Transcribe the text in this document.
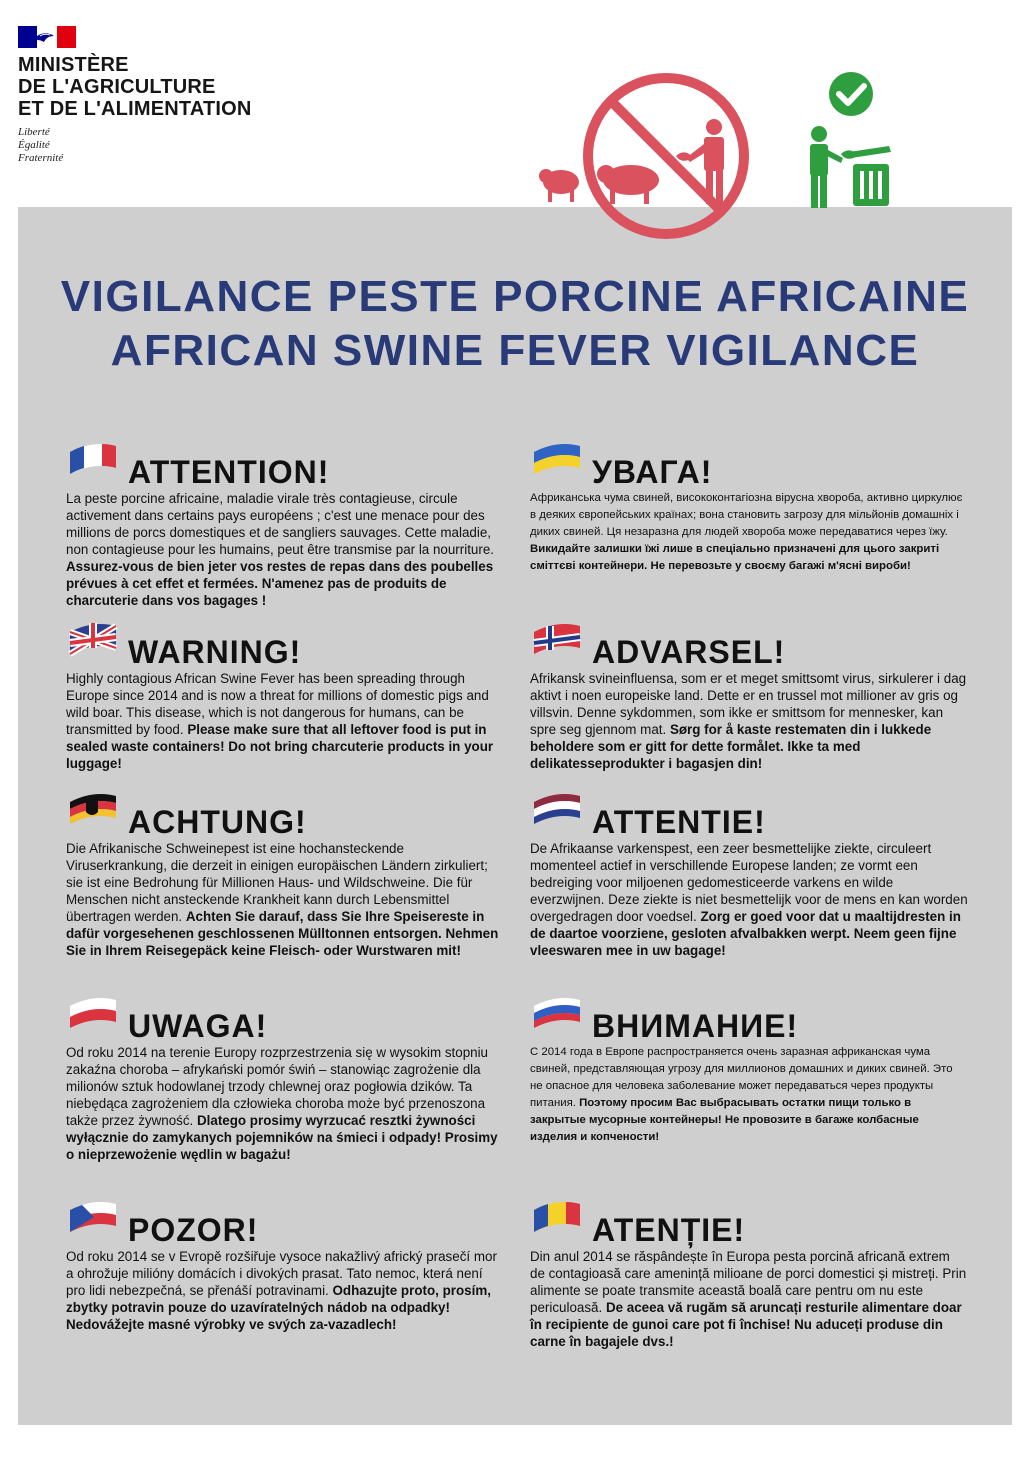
MINISTÈRE
DE L'AGRICULTURE
ET DE L'ALIMENTATION
Liberté
Égalité
Fraternité
VIGILANCE PESTE PORCINE AFRICAINE
AFRICAN SWINE FEVER VIGILANCE
ATTENTION!

La peste porcine africaine, maladie virale très contagieuse, circule activement dans certains pays européens ; c'est une menace pour des millions de porcs domestiques et de sangliers sauvages. Cette maladie, non contagieuse pour les humains, peut être transmise par la nourriture. Assurez-vous de bien jeter vos restes de repas dans des poubelles prévues à cet effet et fermées. N'amenez pas de produits de charcuterie dans vos bagages !

УВАГА!

Африканська чума свиней, висококонтагіозна вірусна хвороба, активно циркулює в деяких європейських країнах; вона становить загрозу для мільйонів домашніх і диких свиней. Ця незаразна для людей хвороба може передаватися через їжу. Викидайте залишки їжі лише в спеціально призначені для цього закриті сміттєві контейнери. Не перевозьте у своєму багажі м'ясні вироби!

WARNING!

Highly contagious African Swine Fever has been spreading through Europe since 2014 and is now a threat for millions of domestic pigs and wild boar. This disease, which is not dangerous for humans, can be transmitted by food. Please make sure that all leftover food is put in sealed waste containers! Do not bring charcuterie products in your luggage!

ADVARSEL!

Afrikansk svineinfluensa, som er et meget smittsomt virus, sirkulerer i dag aktivt i noen europeiske land. Dette er en trussel mot millioner av gris og villsvin. Denne sykdommen, som ikke er smittsom for mennesker, kan spre seg gjennom mat. Sørg for å kaste restematen din i lukkede beholdere som er gitt for dette formålet. Ikke ta med delikatesseprodukter i bagasjen din!

ACHTUNG!

Die Afrikanische Schweinepest ist eine hochansteckende Viruserkrankung, die derzeit in einigen europäischen Ländern zirkuliert; sie ist eine Bedrohung für Millionen Haus- und Wildschweine. Die für Menschen nicht ansteckende Krankheit kann durch Lebensmittel übertragen werden. Achten Sie darauf, dass Sie Ihre Speisereste in dafür vorgesehenen geschlossenen Mülltonnen entsorgen. Nehmen Sie in Ihrem Reisegepäck keine Fleisch- oder Wurstwaren mit!

ATTENTIE!

De Afrikaanse varkenspest, een zeer besmettelijke ziekte, circuleert momenteel actief in verschillende Europese landen; ze vormt een bedreiging voor miljoenen gedomesticeerde varkens en wilde everzwijnen. Deze ziekte is niet besmettelijk voor de mens en kan worden overgedragen door voedsel. Zorg er goed voor dat u maaltijdresten in de daartoe voorziene, gesloten afvalbakken werpt. Neem geen fijne vleeswaren mee in uw bagage!

UWAGA!

Od roku 2014 na terenie Europy rozprzestrzenia się w wysokim stopniu zakaźna choroba – afrykański pomór świń – stanowiąc zagrożenie dla milionów sztuk hodowlanej trzody chlewnej oraz pogłowia dzików. Ta niebędąca zagrożeniem dla człowieka choroba może być przenoszona także przez żywność. Dlatego prosimy wyrzucać resztki żywności wyłącznie do zamykanych pojemników na śmieci i odpady! Prosimy o nieprzewożenie wędlin w bagażu!

ВНИМАНИЕ!

С 2014 года в Европе распространяется очень заразная африканская чума свиней, представляющая угрозу для миллионов домашних и диких свиней. Это не опасное для человека заболевание может передаваться через продукты питания. Поэтому просим Вас выбрасывать остатки пищи только в закрытые мусорные контейнеры! Не провозите в багаже колбасные изделия и копчености!

POZOR!

Od roku 2014 se v Evropě rozšiřuje vysoce nakažlivý africký prasečí mor a ohrožuje milióny domácích i divokých prasat. Tato nemoc, která není pro lidi nebezpečná, se přenáší potravinami. Odhazujte proto, prosím, zbytky potravin pouze do uzavíratelných nádob na odpadky! Nedovážejte masné výrobky ve svých za-vazadlech!

ATENȚIE!

Din anul 2014 se răspândește în Europa pesta porcină africană extrem de contagioasă care amenință milioane de porci domestici și mistreți. Prin alimente se poate transmite această boală care pentru om nu este periculoasă. De aceea vă rugăm să aruncați resturile alimentare doar în recipiente de gunoi care pot fi închise! Nu aduceți produse din carne în bagajele dvs.!
